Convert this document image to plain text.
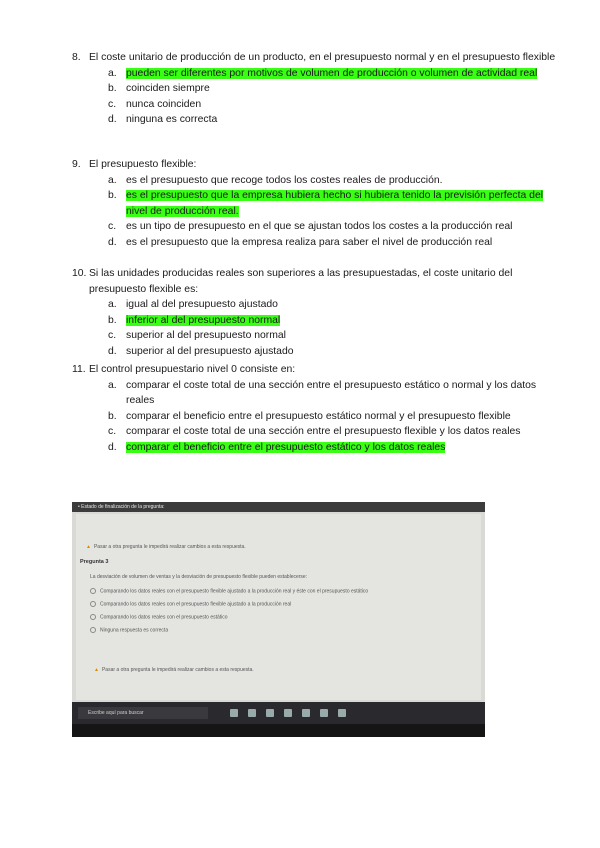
8. El coste unitario de producción de un producto, en el presupuesto normal y en el presupuesto flexible
a. pueden ser diferentes por motivos de volumen de producción o volumen de actividad real
b. coinciden siempre
c. nunca coinciden
d. ninguna es correcta
9. El presupuesto flexible:
a. es el presupuesto que recoge todos los costes reales de producción.
b. es el presupuesto que la empresa hubiera hecho si hubiera tenido la previsión perfecta del nivel de producción real.
c. es un tipo de presupuesto en el que se ajustan todos los costes a la producción real
d. es el presupuesto que la empresa realiza para saber el nivel de producción real
10. Si las unidades producidas reales son superiores a las presupuestadas, el coste unitario del presupuesto flexible es:
a. igual al del presupuesto ajustado
b. inferior al del presupuesto normal
c. superior al del presupuesto normal
d. superior al del presupuesto ajustado
11. El control presupuestario nivel 0 consiste en:
a. comparar el coste total de una sección entre el presupuesto estático o normal y los datos reales
b. comparar el beneficio entre el presupuesto estático normal y el presupuesto flexible
c. comparar el coste total de una sección entre el presupuesto flexible y los datos reales
d. comparar el beneficio entre el presupuesto estático y los datos reales
• Estado de finalización de la pregunta:
▲ Pasar a otra pregunta le impedirá realizar cambios a esta respuesta.
Pregunta 3
La desviación de volumen de ventas y la desviación de presupuesto flexible pueden establecerse:
Comparando los datos reales con el presupuesto flexible ajustado a la producción real y éste con el presupuesto estático
Comparando los datos reales con el presupuesto flexible ajustado a la producción real
Comparando los datos reales con el presupuesto estático
Ninguna respuesta es correcta
▲ Pasar a otra pregunta le impedirá realizar cambios a esta respuesta.
Escribe aquí para buscar
